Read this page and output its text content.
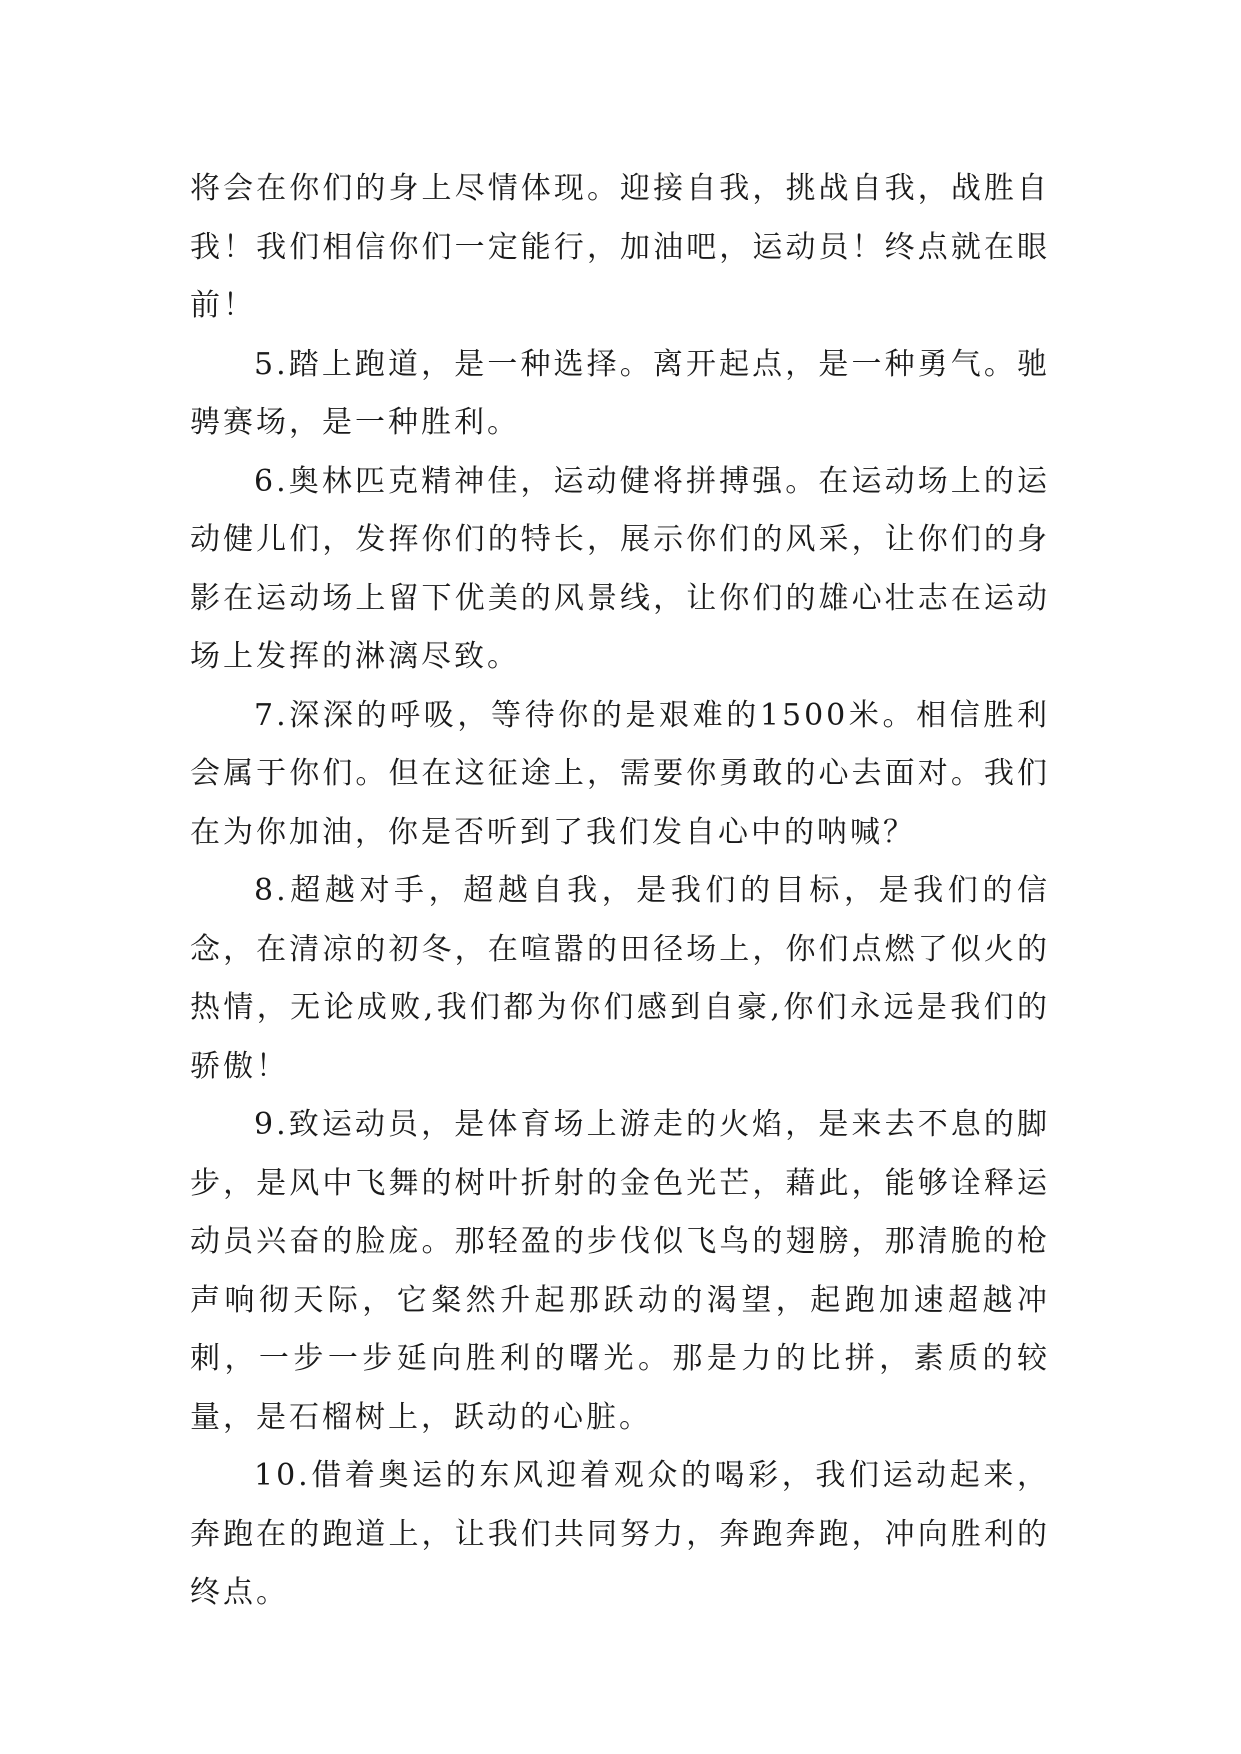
将会在你们的身上尽情体现。迎接自我，挑战自我，战胜自我！我们相信你们一定能行，加油吧，运动员！终点就在眼前！

5.踏上跑道，是一种选择。离开起点，是一种勇气。驰骋赛场，是一种胜利。

6.奥林匹克精神佳，运动健将拼搏强。在运动场上的运动健儿们，发挥你们的特长，展示你们的风采，让你们的身影在运动场上留下优美的风景线，让你们的雄心壮志在运动场上发挥的淋漓尽致。

7.深深的呼吸，等待你的是艰难的1500米。相信胜利会属于你们。但在这征途上，需要你勇敢的心去面对。我们在为你加油，你是否听到了我们发自心中的呐喊？

8.超越对手，超越自我，是我们的目标，是我们的信念，在清凉的初冬，在喧嚣的田径场上，你们点燃了似火的热情，无论成败,我们都为你们感到自豪,你们永远是我们的骄傲！

9.致运动员，是体育场上游走的火焰，是来去不息的脚步，是风中飞舞的树叶折射的金色光芒，藉此，能够诠释运动员兴奋的脸庞。那轻盈的步伐似飞鸟的翅膀，那清脆的枪声响彻天际，它粲然升起那跃动的渴望，起跑加速超越冲刺，一步一步延向胜利的曙光。那是力的比拼，素质的较量，是石榴树上，跃动的心脏。

10.借着奥运的东风迎着观众的喝彩，我们运动起来，奔跑在的跑道上，让我们共同努力，奔跑奔跑，冲向胜利的终点。
